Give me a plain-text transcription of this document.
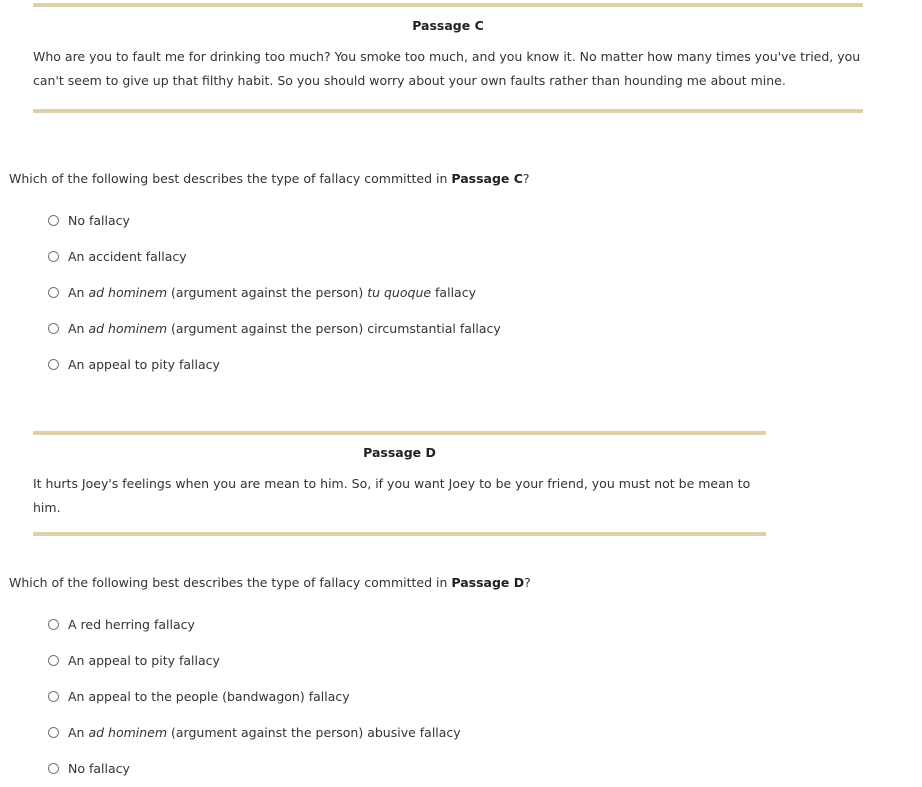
Passage C
Who are you to fault me for drinking too much? You smoke too much, and you know it. No matter how many times you've tried, you
can't seem to give up that filthy habit. So you should worry about your own faults rather than hounding me about mine.
Which of the following best describes the type of fallacy committed in Passage C?
No fallacy
An accident fallacy
An ad hominem (argument against the person) tu quoque fallacy
An ad hominem (argument against the person) circumstantial fallacy
An appeal to pity fallacy
Passage D
It hurts Joey's feelings when you are mean to him. So, if you want Joey to be your friend, you must not be mean to him.
Which of the following best describes the type of fallacy committed in Passage D?
A red herring fallacy
An appeal to pity fallacy
An appeal to the people (bandwagon) fallacy
An ad hominem (argument against the person) abusive fallacy
No fallacy
